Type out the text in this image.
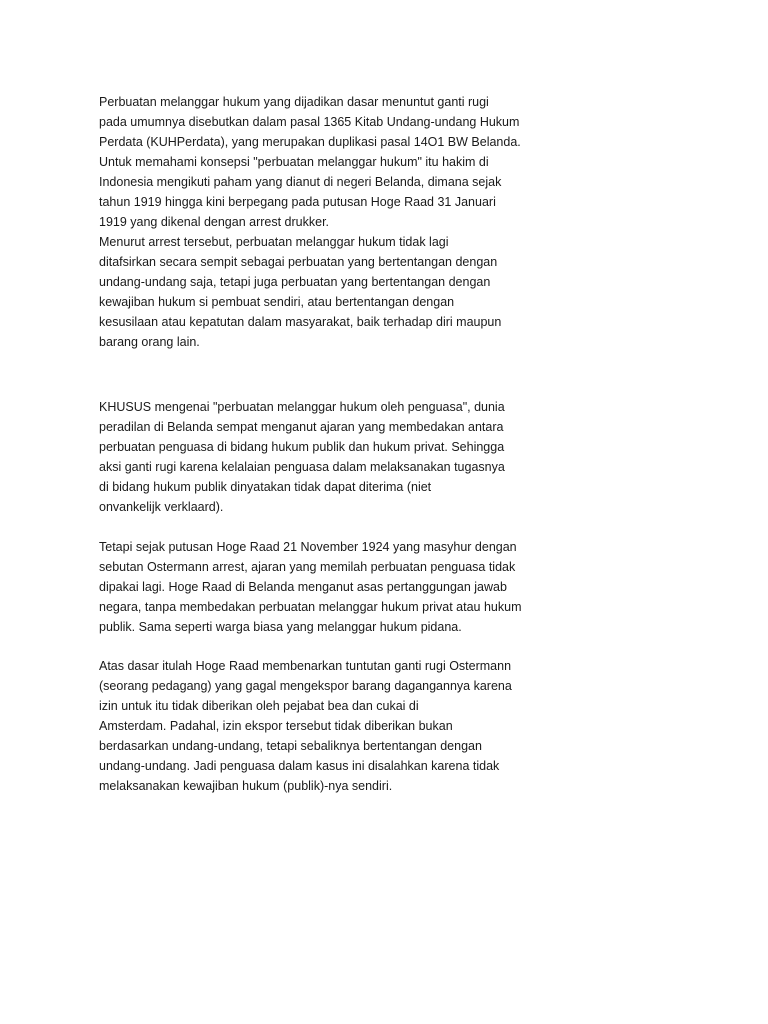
Perbuatan melanggar hukum yang dijadikan dasar menuntut ganti rugi
pada umumnya disebutkan dalam pasal 1365 Kitab Undang-undang Hukum
Perdata (KUHPerdata), yang merupakan duplikasi pasal 14O1 BW Belanda.
Untuk memahami konsepsi "perbuatan melanggar hukum" itu hakim di
Indonesia mengikuti paham yang dianut di negeri Belanda, dimana sejak
tahun 1919 hingga kini berpegang pada putusan Hoge Raad 31 Januari
1919 yang dikenal dengan arrest drukker.
Menurut arrest tersebut, perbuatan melanggar hukum tidak lagi
ditafsirkan secara sempit sebagai perbuatan yang bertentangan dengan
undang-undang saja, tetapi juga perbuatan yang bertentangan dengan
kewajiban hukum si pembuat sendiri, atau bertentangan dengan
kesusilaan atau kepatutan dalam masyarakat, baik terhadap diri maupun
barang orang lain.
KHUSUS mengenai "perbuatan melanggar hukum oleh penguasa", dunia
peradilan di Belanda sempat menganut ajaran yang membedakan antara
perbuatan penguasa di bidang hukum publik dan hukum privat. Sehingga
aksi ganti rugi karena kelalaian penguasa dalam melaksanakan tugasnya
di bidang hukum publik dinyatakan tidak dapat diterima (niet
onvankelijk verklaard).
Tetapi sejak putusan Hoge Raad 21 November 1924 yang masyhur dengan
sebutan Ostermann arrest, ajaran yang memilah perbuatan penguasa tidak
dipakai lagi. Hoge Raad di Belanda menganut asas pertanggungan jawab
negara, tanpa membedakan perbuatan melanggar hukum privat atau hukum
publik. Sama seperti warga biasa yang melanggar hukum pidana.
Atas dasar itulah Hoge Raad membenarkan tuntutan ganti rugi Ostermann
(seorang pedagang) yang gagal mengekspor barang dagangannya karena
izin untuk itu tidak diberikan oleh pejabat bea dan cukai di
Amsterdam. Padahal, izin ekspor tersebut tidak diberikan bukan
berdasarkan undang-undang, tetapi sebaliknya bertentangan dengan
undang-undang. Jadi penguasa dalam kasus ini disalahkan karena tidak
melaksanakan kewajiban hukum (publik)-nya sendiri.
